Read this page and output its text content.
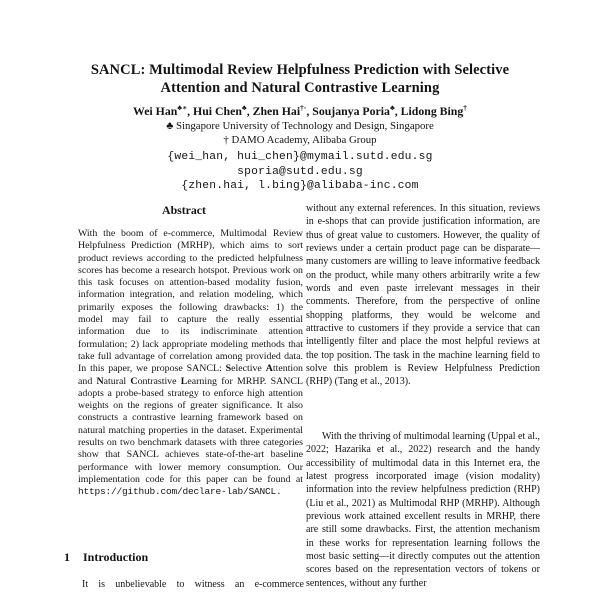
SANCL: Multimodal Review Helpfulness Prediction with Selective
Attention and Natural Contrastive Learning
Wei Han♣∗, Hui Chen♣, Zhen Hai†◦, Soujanya Poria♣, Lidong Bing†
♣ Singapore University of Technology and Design, Singapore
† DAMO Academy, Alibaba Group
{wei_han, hui_chen}@mymail.sutd.edu.sg
sporia@sutd.edu.sg
{zhen.hai, l.bing}@alibaba-inc.com
Abstract
With the boom of e-commerce, Multimodal Review Helpfulness Prediction (MRHP), which aims to sort product reviews according to the predicted helpfulness scores has become a research hotspot. Previous work on this task focuses on attention-based modality fusion, information integration, and relation modeling, which primarily exposes the following drawbacks: 1) the model may fail to capture the really essential information due to its indiscriminate attention formulation; 2) lack appropriate modeling methods that take full advantage of correlation among provided data. In this paper, we propose SANCL: Selective Attention and Natural Contrastive Learning for MRHP. SANCL adopts a probe-based strategy to enforce high attention weights on the regions of greater significance. It also constructs a contrastive learning framework based on natural matching properties in the dataset. Experimental results on two benchmark datasets with three categories show that SANCL achieves state-of-the-art baseline performance with lower memory consumption. Our implementation code for this paper can be found at https://github.com/declare-lab/SANCL.
1	Introduction

It is unbelievable to witness an e-commerce

without any external references. In this situation, reviews in e-shops that can provide justification information, are thus of great value to customers. However, the quality of reviews under a certain product page can be disparate—many customers are willing to leave informative feedback on the product, while many others arbitrarily write a few words and even paste irrelevant messages in their comments. Therefore, from the perspective of online shopping platforms, they would be welcome and attractive to customers if they provide a service that can intelligently filter and place the most helpful reviews at the top position. The task in the machine learning field to solve this problem is Review Helpfulness Prediction (RHP) (Tang et al., 2013).

With the thriving of multimodal learning (Uppal et al., 2022; Hazarika et al., 2022) research and the handy accessibility of multimodal data in this Internet era, the latest progress incorporated image (vision modality) information into the review helpfulness prediction (RHP) (Liu et al., 2021) as Multimodal RHP (MRHP). Although previous work attained excellent results in MRHP, there are still some drawbacks. First, the attention mechanism in these works for representation learning follows the most basic setting—it directly computes out the attention scores based on the representation vectors of tokens or sentences, without any further
